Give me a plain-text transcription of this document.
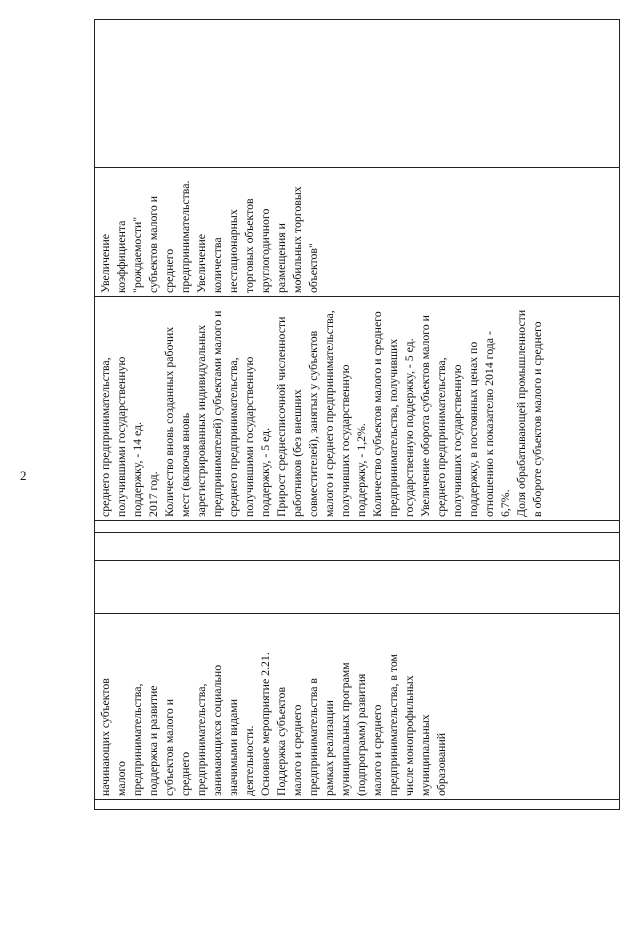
2
	начинающих субъектов
малого
предпринимательства,
поддержка и развитие
субъектов малого и
среднего
предпринимательства,
занимающихся социально
значимыми видами
деятельности.
Основное мероприятие 2.21.
Поддержка субъектов
малого и среднего
предпринимательства в
рамках реализации
муниципальных программ
(подпрограмм) развития
малого и среднего
предпринимательства, в том
числе монопрофильных
муниципальных
образований				среднего предпринимательства,
получившими государственную
поддержку, - 14 ед.
2017 год.
Количество вновь созданных рабочих
мест (включая вновь
зарегистрированных индивидуальных
предпринимателей) субъектами малого и
среднего предпринимательства,
получившими государственную
поддержку, - 5 ед.
Прирост среднесписочной численности
работников (без внешних
совместителей), занятых у субъектов
малого и среднего предпринимательства,
получивших государственную
поддержку, - 1,2%.
Количество субъектов малого и среднего
предпринимательства, получивших
государственную поддержку, - 5 ед.
Увеличение оборота субъектов малого и
среднего предпринимательства,
получивших государственную
поддержку, в постоянных ценах по
отношению к показателю 2014 года -
6,7%.
Доля обрабатывающей промышленности
в обороте субъектов малого и среднего	Увеличение
коэффициента
"рождаемости"
субъектов малого и
среднего
предпринимательства.
Увеличение
количества
нестационарных
торговых объектов
круглогодичного
размещения и
мобильных торговых
объектов"	
